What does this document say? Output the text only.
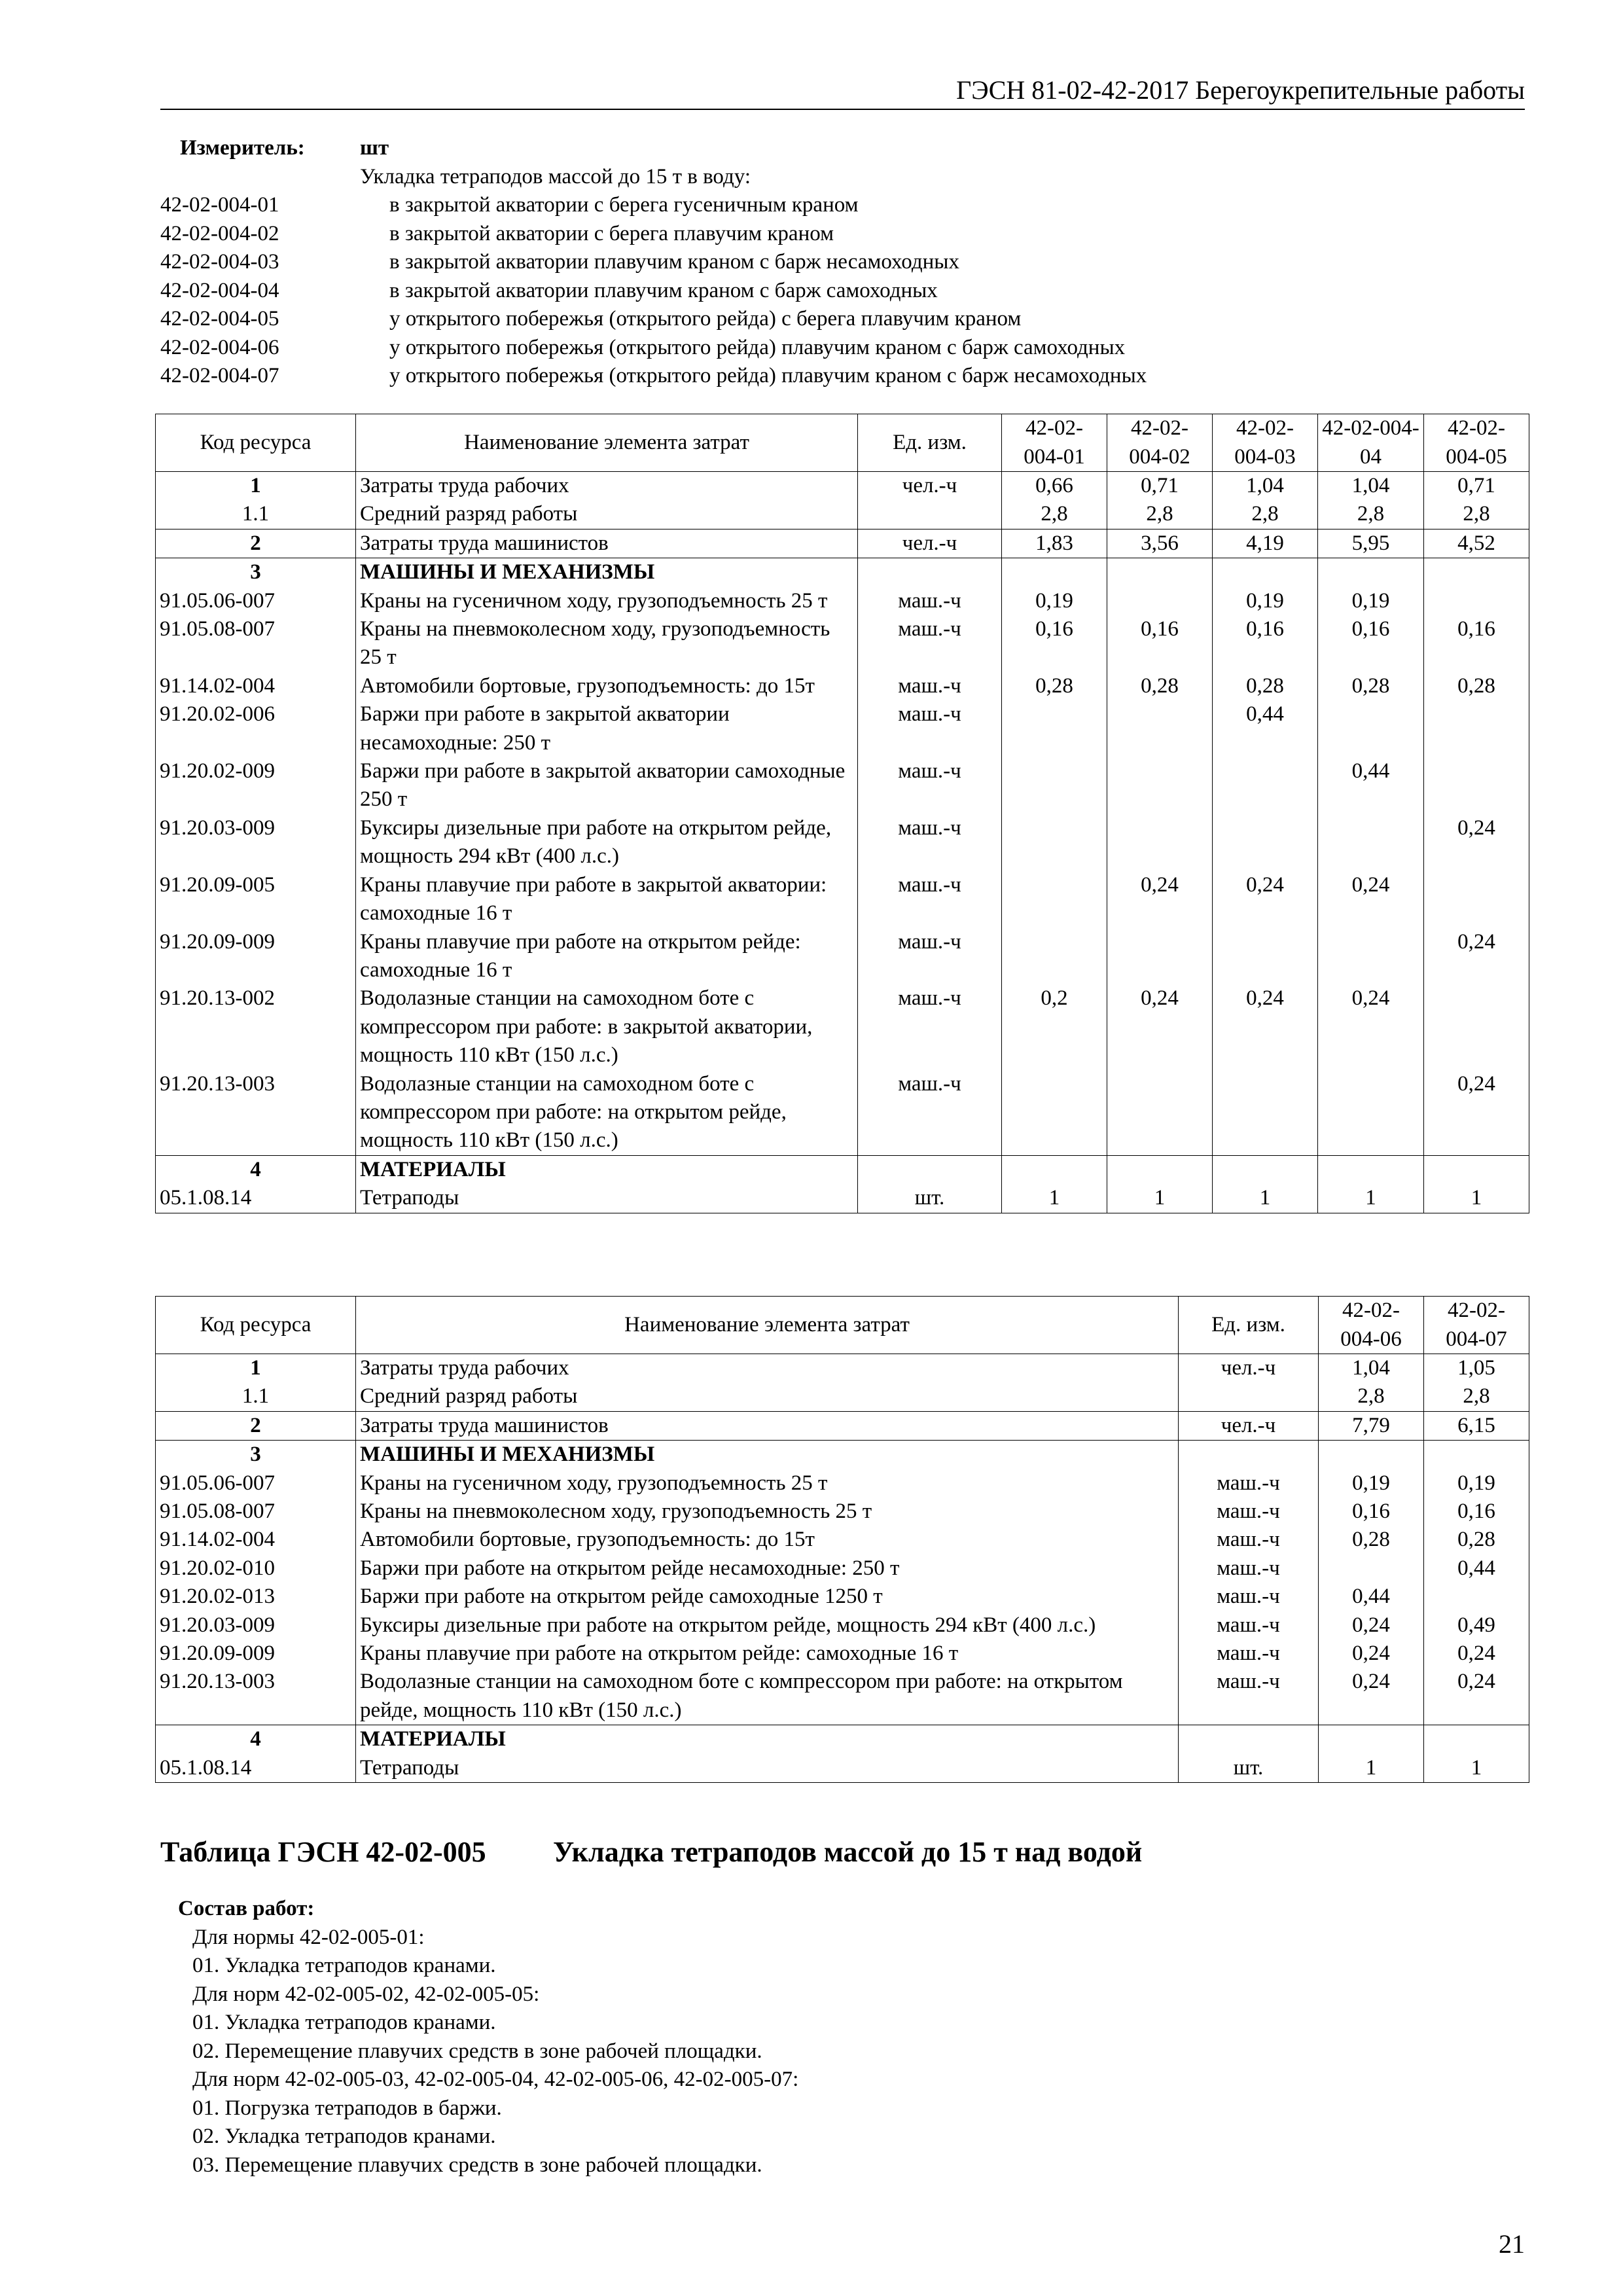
ГЭСН 81-02-42-2017 Берегоукрепительные работы
Измеритель:	шт
Укладка тетраподов массой до 15 т в воду:
42-02-004-01	в закрытой акватории с берега гусеничным краном
42-02-004-02	в закрытой акватории с берега плавучим краном
42-02-004-03	в закрытой акватории плавучим краном с барж несамоходных
42-02-004-04	в закрытой акватории плавучим краном с барж самоходных
42-02-004-05	у открытого побережья (открытого рейда) с берега плавучим краном
42-02-004-06	у открытого побережья (открытого рейда) плавучим краном с барж самоходных
42-02-004-07	у открытого побережья (открытого рейда) плавучим краном с барж несамоходных
Код ресурса	Наименование элемента затрат	Ед. изм.	42-02-004-01	42-02-004-02	42-02-004-03	42-02-004-04	42-02-004-05
1	Затраты труда рабочих	чел.-ч	0,66	0,71	1,04	1,04	0,71
1.1	Средний разряд работы		2,8	2,8	2,8	2,8	2,8
2	Затраты труда машинистов	чел.-ч	1,83	3,56	4,19	5,95	4,52
3	МАШИНЫ И МЕХАНИЗМЫ						
91.05.06-007	Краны на гусеничном ходу, грузоподъемность 25 т	маш.-ч	0,19		0,19	0,19	
91.05.08-007	Краны на пневмоколесном ходу, грузоподъемность 25 т	маш.-ч	0,16	0,16	0,16	0,16	0,16
91.14.02-004	Автомобили бортовые, грузоподъемность: до 15т	маш.-ч	0,28	0,28	0,28	0,28	0,28
91.20.02-006	Баржи при работе в закрытой акватории несамоходные: 250 т	маш.-ч			0,44		
91.20.02-009	Баржи при работе в закрытой акватории самоходные 250 т	маш.-ч				0,44	
91.20.03-009	Буксиры дизельные при работе на открытом рейде, мощность 294 кВт (400 л.с.)	маш.-ч					0,24
91.20.09-005	Краны плавучие при работе в закрытой акватории: самоходные 16 т	маш.-ч		0,24	0,24	0,24	
91.20.09-009	Краны плавучие при работе на открытом рейде: самоходные 16 т	маш.-ч					0,24
91.20.13-002	Водолазные станции на самоходном боте с компрессором при работе: в закрытой акватории, мощность 110 кВт (150 л.с.)	маш.-ч	0,2	0,24	0,24	0,24	
91.20.13-003	Водолазные станции на самоходном боте с компрессором при работе: на открытом рейде, мощность 110 кВт (150 л.с.)	маш.-ч					0,24
4	МАТЕРИАЛЫ						
05.1.08.14	Тетраподы	шт.	1	1	1	1	1
Код ресурса	Наименование элемента затрат	Ед. изм.	42-02-004-06	42-02-004-07
1	Затраты труда рабочих	чел.-ч	1,04	1,05
1.1	Средний разряд работы		2,8	2,8
2	Затраты труда машинистов	чел.-ч	7,79	6,15
3	МАШИНЫ И МЕХАНИЗМЫ			
91.05.06-007	Краны на гусеничном ходу, грузоподъемность 25 т	маш.-ч	0,19	0,19
91.05.08-007	Краны на пневмоколесном ходу, грузоподъемность 25 т	маш.-ч	0,16	0,16
91.14.02-004	Автомобили бортовые, грузоподъемность: до 15т	маш.-ч	0,28	0,28
91.20.02-010	Баржи при работе на открытом рейде несамоходные: 250 т	маш.-ч		0,44
91.20.02-013	Баржи при работе на открытом рейде самоходные 1250 т	маш.-ч	0,44	
91.20.03-009	Буксиры дизельные при работе на открытом рейде, мощность 294 кВт (400 л.с.)	маш.-ч	0,24	0,49
91.20.09-009	Краны плавучие при работе на открытом рейде: самоходные 16 т	маш.-ч	0,24	0,24
91.20.13-003	Водолазные станции на самоходном боте с компрессором при работе: на открытом рейде, мощность 110 кВт (150 л.с.)	маш.-ч	0,24	0,24
4	МАТЕРИАЛЫ			
05.1.08.14	Тетраподы	шт.	1	1
Таблица ГЭСН 42-02-005 Укладка тетраподов массой до 15 т над водой
Состав работ:
Для нормы 42-02-005-01:
01. Укладка тетраподов кранами.
Для норм 42-02-005-02, 42-02-005-05:
01. Укладка тетраподов кранами.
02. Перемещение плавучих средств в зоне рабочей площадки.
Для норм 42-02-005-03, 42-02-005-04, 42-02-005-06, 42-02-005-07:
01. Погрузка тетраподов в баржи.
02. Укладка тетраподов кранами.
03. Перемещение плавучих средств в зоне рабочей площадки.
21
